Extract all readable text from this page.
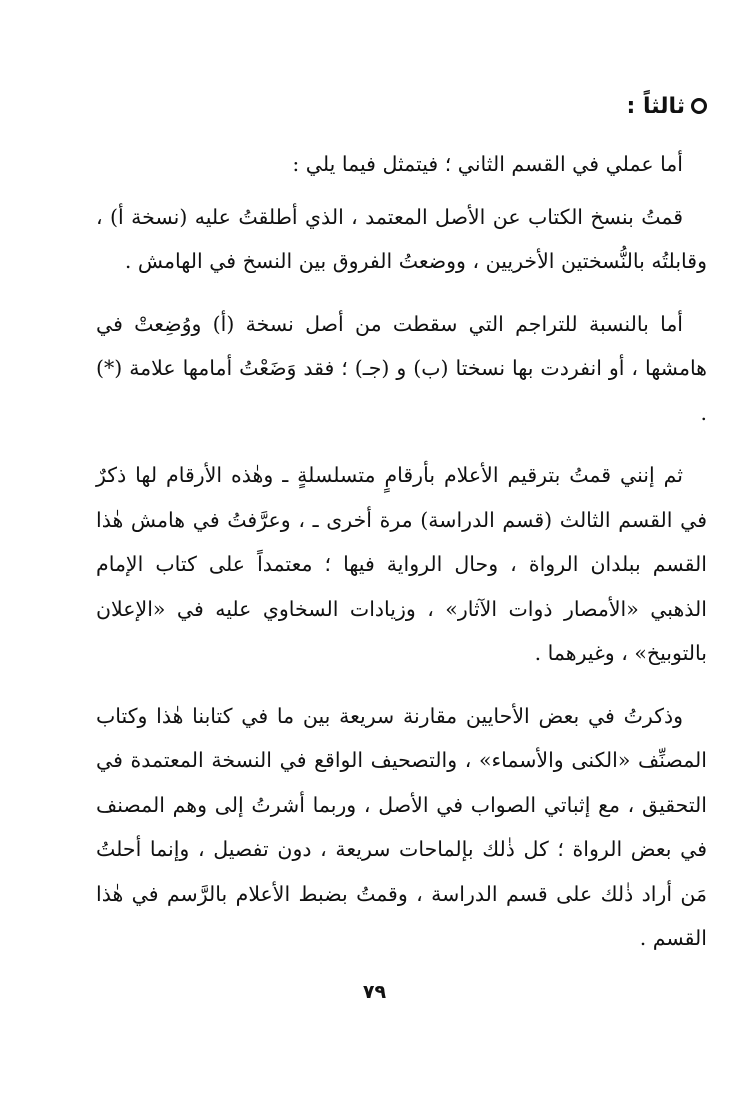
ثالثاً :

أما عملي في القسم الثاني ؛ فيتمثل فيما يلي :

قمتُ بنسخ الكتاب عن الأصل المعتمد ، الذي أطلقتُ عليه (نسخة أ) ، وقابلتُه بالنُّسختين الأخريين ، ووضعتُ الفروق بين النسخ في الهامش .

أما بالنسبة للتراجم التي سقطت من أصل نسخة (أ) ووُضِعتْ في هامشها ، أو انفردت بها نسختا (ب) و (جـ) ؛ فقد وَضَعْتُ أمامها علامة (*) .

ثم إنني قمتُ بترقيم الأعلام بأرقامٍ متسلسلةٍ ـ وهٰذه الأرقام لها ذكرٌ في القسم الثالث (قسم الدراسة) مرة أخرى ـ ، وعرَّفتُ في هامش هٰذا القسم ببلدان الرواة ، وحال الرواية فيها ؛ معتمداً على كتاب الإمام الذهبي «الأمصار ذوات الآثار» ، وزيادات السخاوي عليه في «الإعلان بالتوبيخ» ، وغيرهما .

وذكرتُ في بعض الأحايين مقارنة سريعة بين ما في كتابنا هٰذا وكتاب المصنِّف «الكنى والأسماء» ، والتصحيف الواقع في النسخة المعتمدة في التحقيق ، مع إثباتي الصواب في الأصل ، وربما أشرتُ إلى وهم المصنف في بعض الرواة ؛ كل ذٰلك بإلماحات سريعة ، دون تفصيل ، وإنما أحلتُ مَن أراد ذٰلك على قسم الدراسة ، وقمتُ بضبط الأعلام بالرَّسم في هٰذا القسم .

٧٩
